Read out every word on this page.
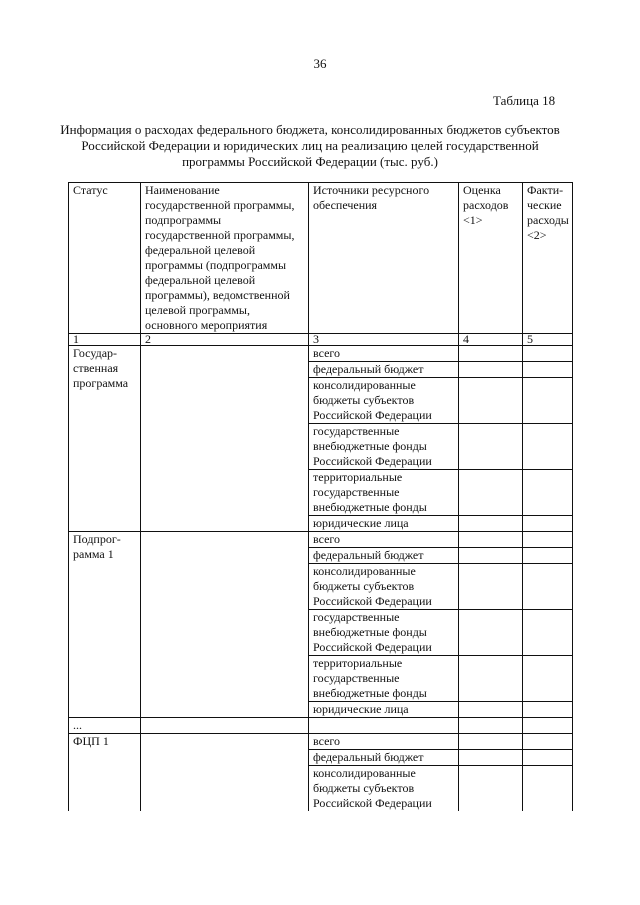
36
Таблица 18
Информация о расходах федерального бюджета, консолидированных бюджетов субъектов Российской Федерации и юридических лиц на реализацию целей государственной программы Российской Федерации (тыс. руб.)
Статус	Наименование государственной программы, подпрограммы государственной программы, федеральной целевой программы (подпрограммы федеральной целевой программы), ведомственной целевой программы, основного мероприятия	Источники ресурсного обеспечения	Оценка расходов <1>	Факти-ческие расходы <2>
1	2	3	4	5
Государ-ственная программа		всего		
		федеральный бюджет		
		консолидированные бюджеты субъектов Российской Федерации		
		государственные внебюджетные фонды Российской Федерации		
		территориальные государственные внебюджетные фонды		
		юридические лица		
Подпрог-рамма 1		всего		
		федеральный бюджет		
		консолидированные бюджеты субъектов Российской Федерации		
		государственные внебюджетные фонды Российской Федерации		
		территориальные государственные внебюджетные фонды		
		юридические лица		
...				
ФЦП 1		всего		
		федеральный бюджет		
		консолидированные бюджеты субъектов Российской Федерации		
